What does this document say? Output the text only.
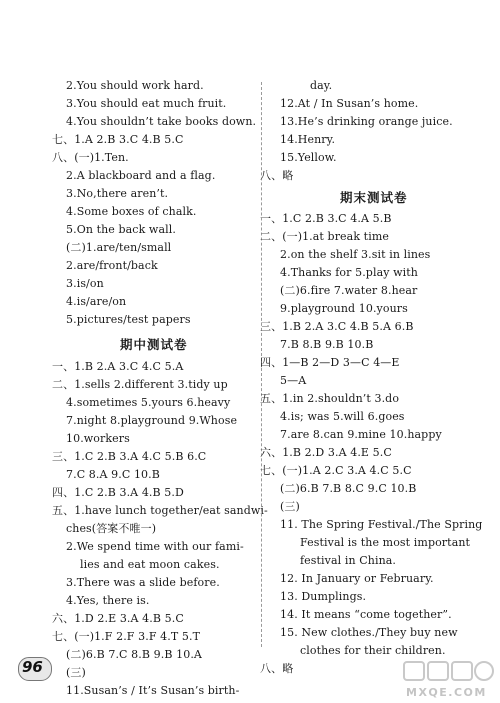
2.You should work hard.
3.You should eat much fruit.
4.You shouldn’t take books down.
七、1.A 2.B 3.C 4.B 5.C
八、(一)1.Ten.
2.A blackboard and a flag.
3.No,there aren’t.
4.Some boxes of chalk.
5.On the back wall.
(二)1.are/ten/small
2.are/front/back
3.is/on
4.is/are/on
5.pictures/test papers
期中测试卷
一、1.B 2.A 3.C 4.C 5.A
二、1.sells 2.different 3.tidy up
4.sometimes 5.yours 6.heavy
7.night 8.playground 9.Whose
10.workers
三、1.C 2.B 3.A 4.C 5.B 6.C
7.C 8.A 9.C 10.B
四、1.C 2.B 3.A 4.B 5.D
五、1.have lunch together/eat sandwi-
ches(答案不唯一)
2.We spend time with our fami-
lies and eat moon cakes.
3.There was a slide before.
4.Yes, there is.
六、1.D 2.E 3.A 4.B 5.C
七、(一)1.F 2.F 3.F 4.T 5.T
(二)6.B 7.C 8.B 9.B 10.A
(三)
11.Susan’s / It’s Susan’s birth-
day.
12.At / In Susan’s home.
13.He’s drinking orange juice.
14.Henry.
15.Yellow.
八、略
期末测试卷
一、1.C 2.B 3.C 4.A 5.B
二、(一)1.at break time
2.on the shelf 3.sit in lines
4.Thanks for 5.play with
(二)6.fire 7.water 8.hear
9.playground 10.yours
三、1.B 2.A 3.C 4.B 5.A 6.B
7.B 8.B 9.B 10.B
四、1—B 2—D 3—C 4—E
5—A
五、1.in 2.shouldn’t 3.do
4.is; was 5.will 6.goes
7.are 8.can 9.mine 10.happy
六、1.B 2.D 3.A 4.E 5.C
七、(一)1.A 2.C 3.A 4.C 5.C
(二)6.B 7.B 8.C 9.C 10.B
(三)
11. The Spring Festival./The Spring
Festival is the most important
festival in China.
12. In January or February.
13. Dumplings.
14. It means “come together”.
15. New clothes./They buy new
clothes for their children.
八、略
96
MXQE.COM
